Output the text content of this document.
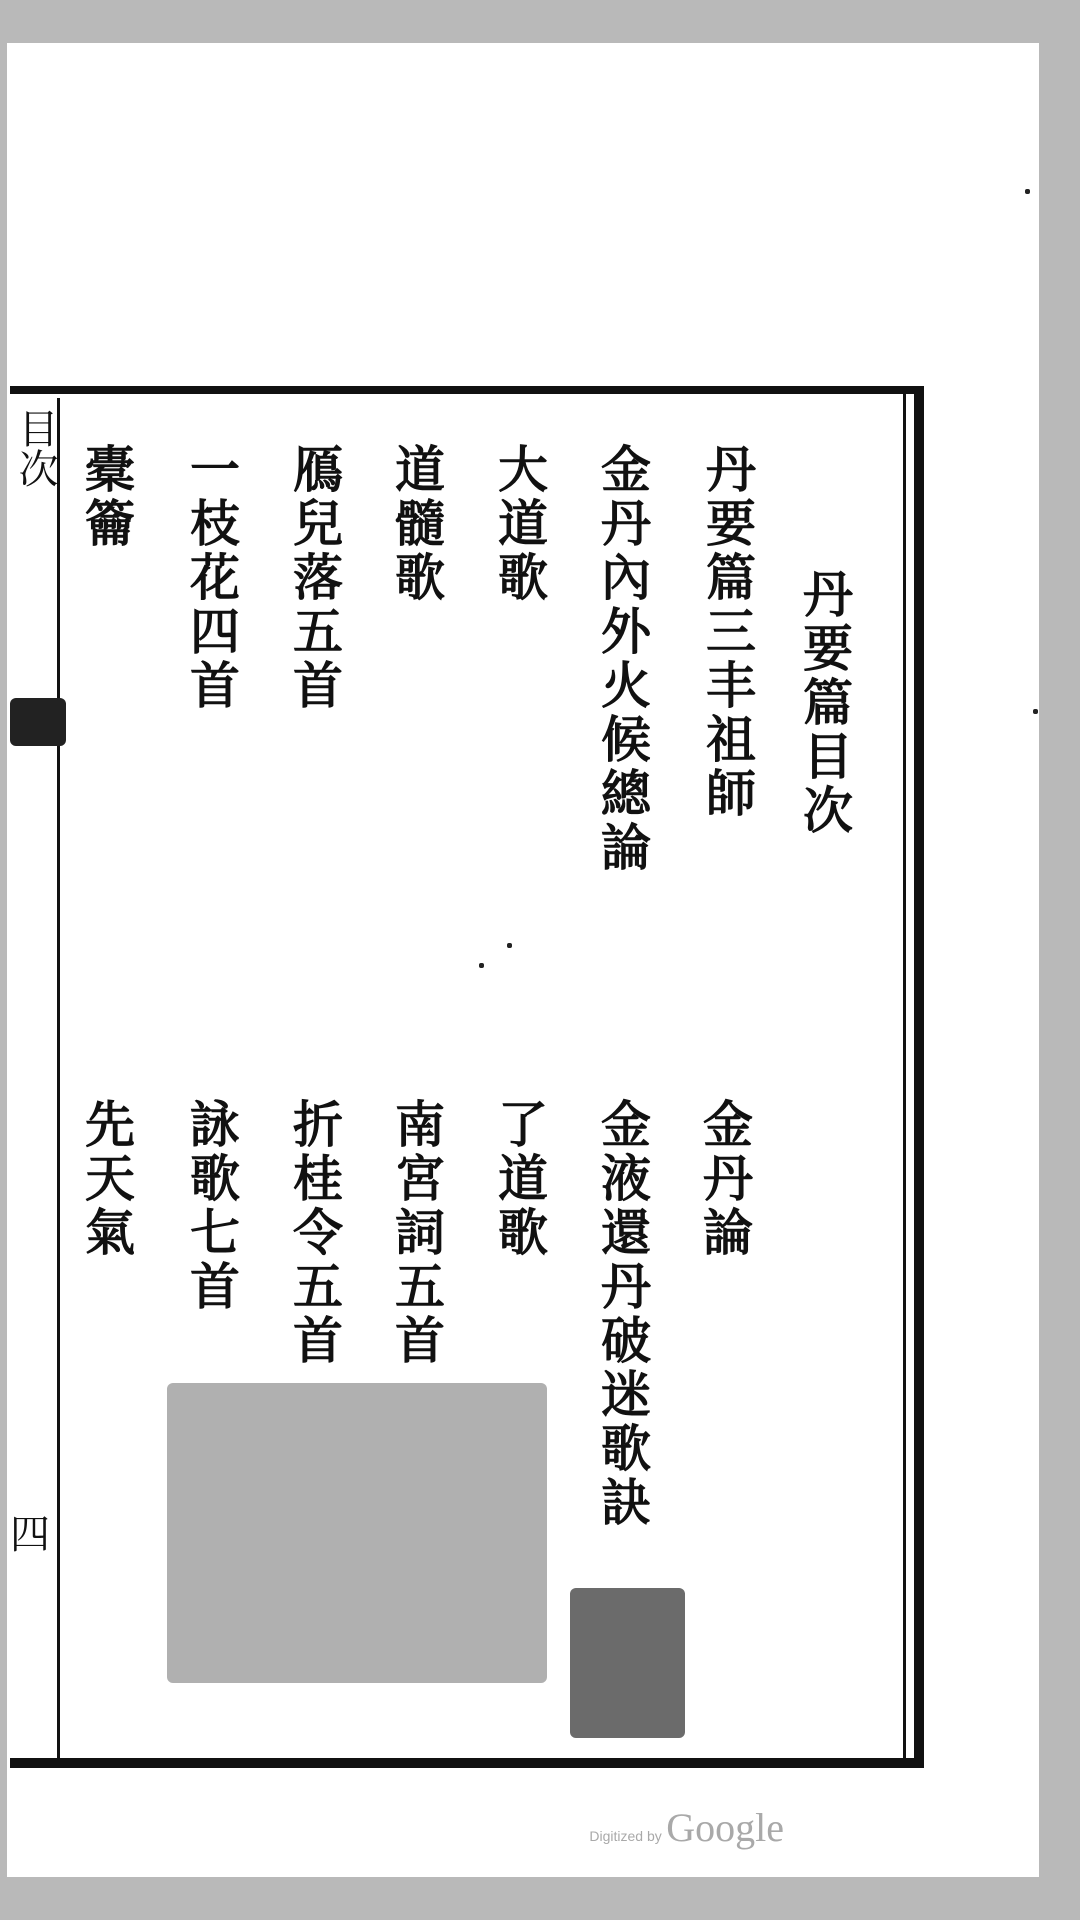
丹要篇目次
丹要篇三丰祖師
金丹內外火候總論
大道歌
道髓歌
鴈兒落五首
一枝花四首
橐籥
金丹論
金液還丹破迷歌訣
了道歌
南宮詞五首
折桂令五首
詠歌七首
先天氣
目次
四
Digitized by Google
